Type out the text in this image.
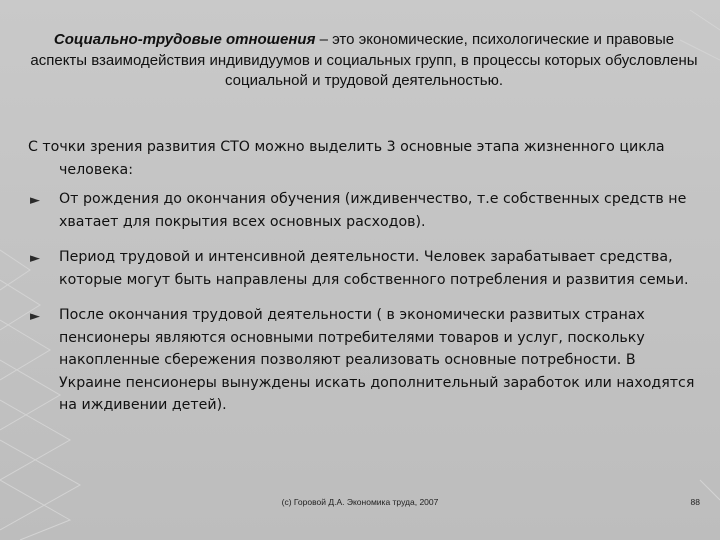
Социально-трудовые отношения – это экономические, психологические и правовые аспекты взаимодействия индивидуумов и социальных групп, в процессы которых обусловлены социальной и трудовой деятельностью.
С точки зрения развития СТО можно выделить 3 основные этапа жизненного цикла человека:
► От рождения до окончания обучения (иждивенчество, т.е собственных средств не хватает для покрытия всех основных расходов).
► Период трудовой и интенсивной деятельности. Человек зарабатывает средства, которые могут быть направлены для собственного потребления и развития семьи.
► После окончания трудовой деятельности ( в экономически развитых странах пенсионеры являются основными потребителями товаров и услуг, поскольку накопленные сбережения позволяют реализовать основные потребности. В Украине пенсионеры вынуждены искать дополнительный заработок или находятся на иждивении детей).
(c) Горовой Д.А. Экономика труда, 2007	88
